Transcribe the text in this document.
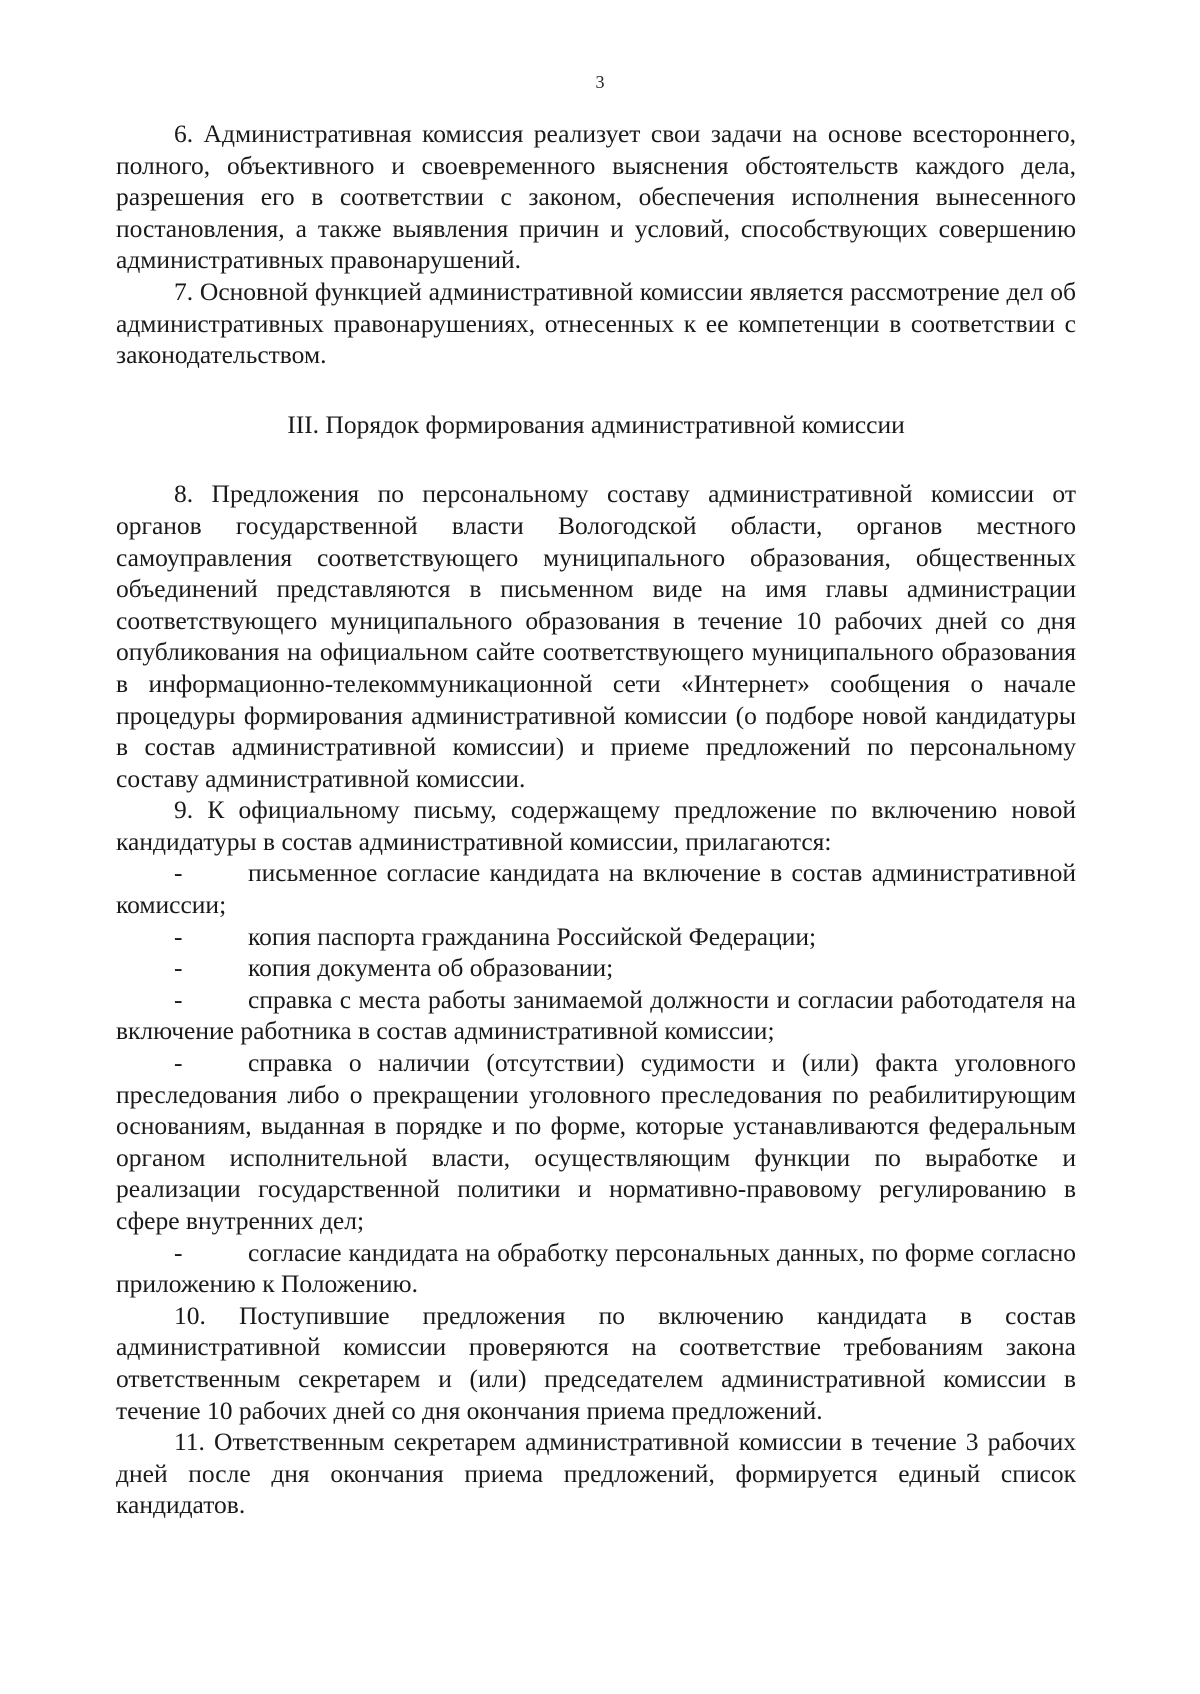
3

6. Административная комиссия реализует свои задачи на основе всестороннего, полного, объективного и своевременного выяснения обстоятельств каждого дела, разрешения его в соответствии с законом, обеспечения исполнения вынесенного постановления, а также выявления причин и условий, способствующих совершению административных правонарушений.

7. Основной функцией административной комиссии является рассмотрение дел об административных правонарушениях, отнесенных к ее компетенции в соответствии с законодательством.

III. Порядок формирования административной комиссии

8. Предложения по персональному составу административной комиссии от органов государственной власти Вологодской области, органов местного самоуправления соответствующего муниципального образования, общественных объединений представляются в письменном виде на имя главы администрации соответствующего муниципального образования в течение 10 рабочих дней со дня опубликования на официальном сайте соответствующего муниципального образования в информационно-телекоммуникационной сети «Интернет» сообщения о начале процедуры формирования административной комиссии (о подборе новой кандидатуры в состав административной комиссии) и приеме предложений по персональному составу административной комиссии.

9. К официальному письму, содержащему предложение по включению новой кандидатуры в состав административной комиссии, прилагаются:

-	письменное согласие кандидата на включение в состав административной комиссии;

-	копия паспорта гражданина Российской Федерации;

-	копия документа об образовании;

-	справка с места работы занимаемой должности и согласии работодателя на включение работника в состав административной комиссии;

-	справка о наличии (отсутствии) судимости и (или) факта уголовного преследования либо о прекращении уголовного преследования по реабилитирующим основаниям, выданная в порядке и по форме, которые устанавливаются федеральным органом исполнительной власти, осуществляющим функции по выработке и реализации государственной политики и нормативно-правовому регулированию в сфере внутренних дел;

-	согласие кандидата на обработку персональных данных, по форме согласно приложению к Положению.

10. Поступившие предложения по включению кандидата в состав административной комиссии проверяются на соответствие требованиям закона ответственным секретарем и (или) председателем административной комиссии в течение 10 рабочих дней со дня окончания приема предложений.

11. Ответственным секретарем административной комиссии в течение 3 рабочих дней после дня окончания приема предложений, формируется единый список кандидатов.
